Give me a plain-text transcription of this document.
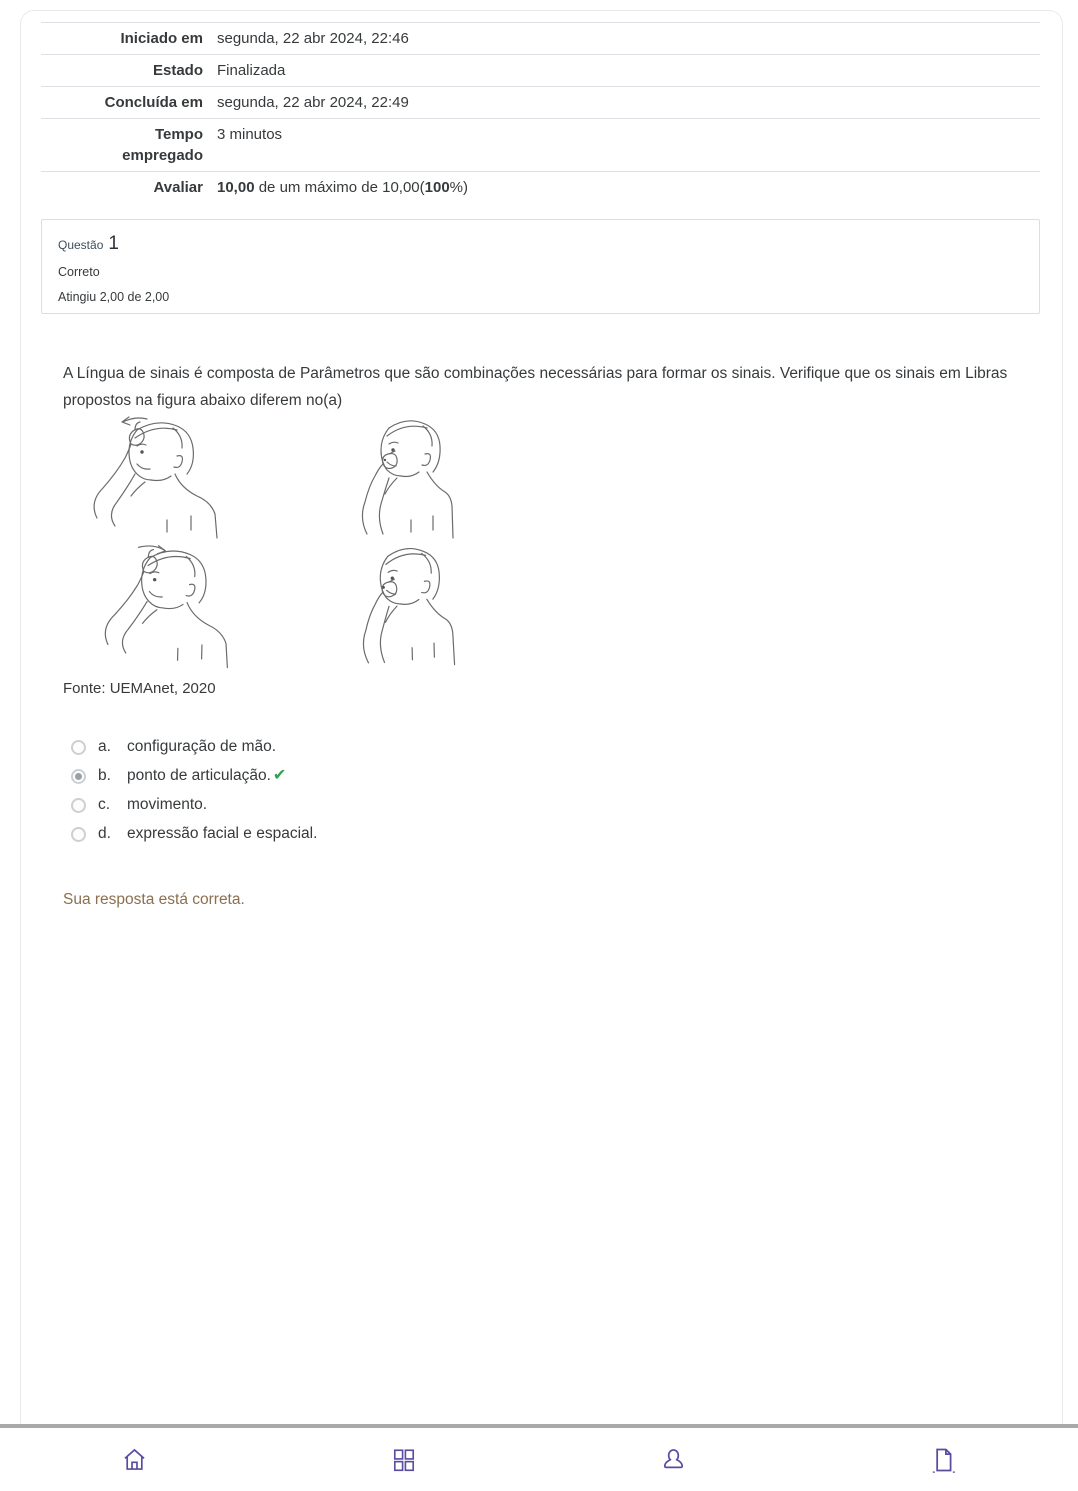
Iniciado em segunda, 22 abr 2024, 22:46
Estado Finalizada
Concluída em segunda, 22 abr 2024, 22:49
Tempo empregado
3 minutos
Avaliar 10,00 de um máximo de 10,00(100%)
Questão 1
Correto
Atingiu 2,00 de 2,00
A Língua de sinais é composta de Parâmetros que são combinações necessárias para formar os sinais. Verifique que os sinais em Libras propostos na figura abaixo diferem no(a)
Fonte: UEMAnet, 2020
a.	configuração de mão.
b.	ponto de articulação. ✔
c.	movimento.
d.	expressão facial e espacial.
Sua resposta está correta.
